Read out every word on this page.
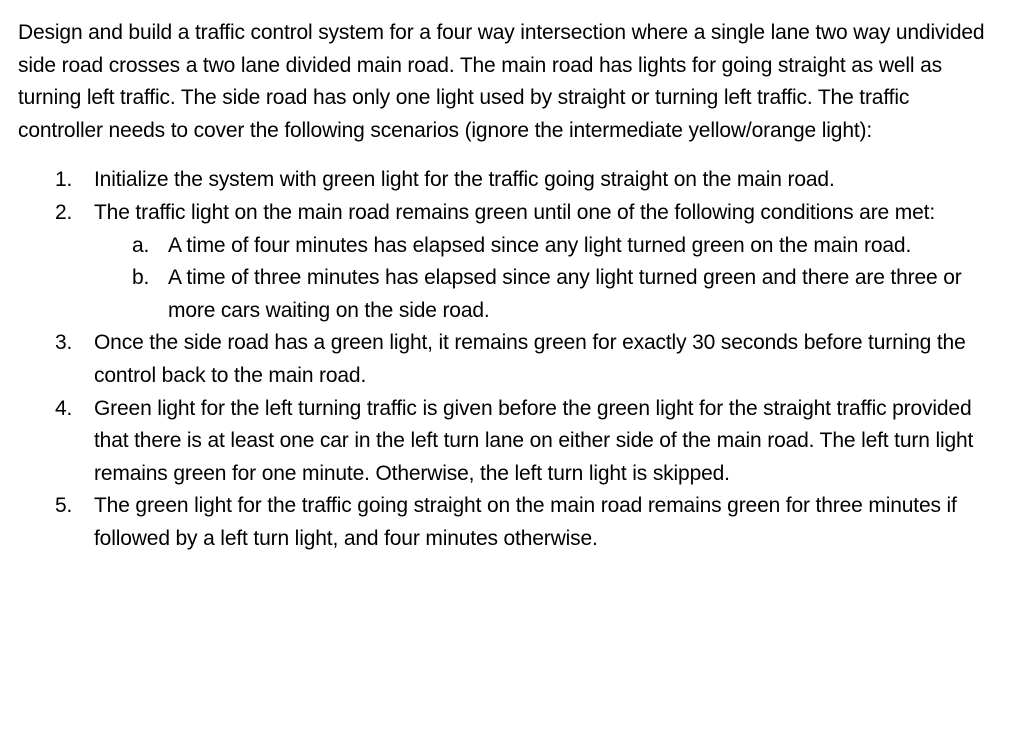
Design and build a traffic control system for a four way intersection where a single lane two way undivided side road crosses a two lane divided main road. The main road has lights for going straight as well as turning left traffic. The side road has only one light used by straight or turning left traffic. The traffic controller needs to cover the following scenarios (ignore the intermediate yellow/orange light):

1. Initialize the system with green light for the traffic going straight on the main road.
2. The traffic light on the main road remains green until one of the following conditions are met:
a. A time of four minutes has elapsed since any light turned green on the main road.
b. A time of three minutes has elapsed since any light turned green and there are three or more cars waiting on the side road.
3. Once the side road has a green light, it remains green for exactly 30 seconds before turning the control back to the main road.
4. Green light for the left turning traffic is given before the green light for the straight traffic provided that there is at least one car in the left turn lane on either side of the main road. The left turn light remains green for one minute. Otherwise, the left turn light is skipped.
5. The green light for the traffic going straight on the main road remains green for three minutes if followed by a left turn light, and four minutes otherwise.
